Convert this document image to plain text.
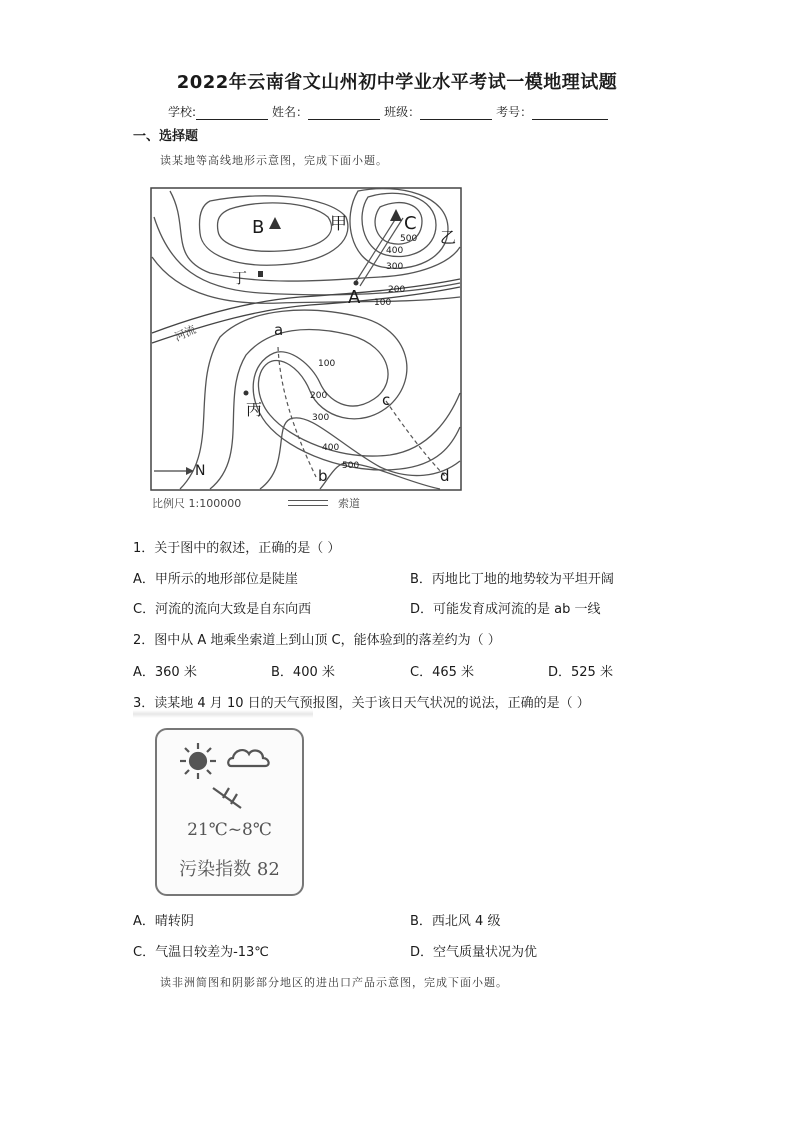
2022年云南省文山州初中学业水平考试一模地理试题
学校:	姓名：	班级：	考号：
一、选择题
读某地等高线地形示意图，完成下面小题。
B	甲	C
乙
丁
A
a
丙	c
b	d
河流
N
500
400
300
200
100
100
200
300
400
500
比例尺 1:100000	索道
1．关于图中的叙述，正确的是（ ）
A．甲所示的地形部位是陡崖	B．丙地比丁地的地势较为平坦开阔
C．河流的流向大致是自东向西	D．可能发育成河流的是 ab 一线
2．图中从 A 地乘坐索道上到山顶 C，能体验到的落差约为（ ）
A．360 米	B．400 米	C．465 米	D．525 米
3．读某地 4 月 10 日的天气预报图，关于该日天气状况的说法，正确的是（ ）
21℃~8℃
污染指数 82
A．晴转阴	B．西北风 4 级
C．气温日较差为-13℃	D．空气质量状况为优
读非洲简图和阴影部分地区的进出口产品示意图，完成下面小题。
